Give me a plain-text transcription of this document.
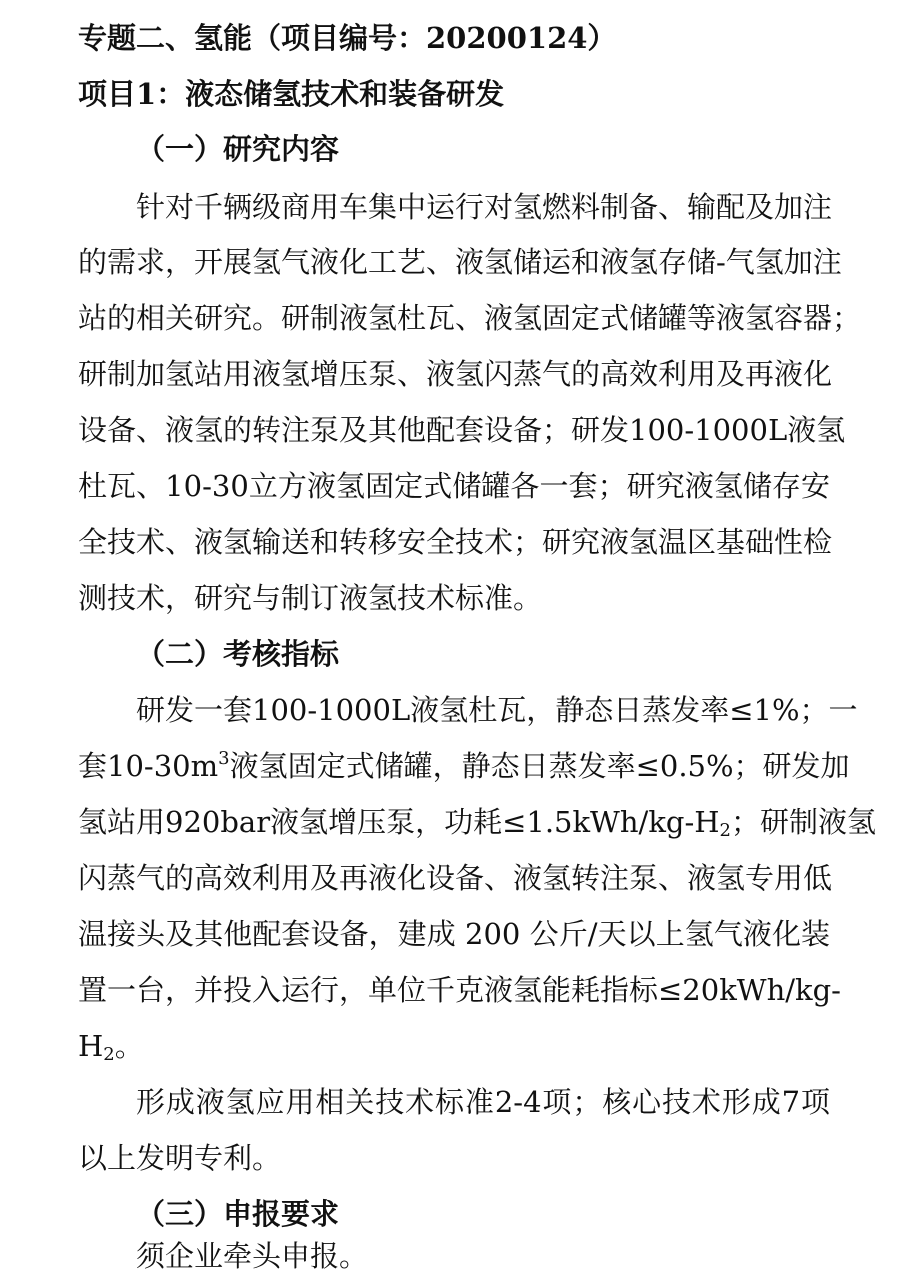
专题二、氢能（项目编号：20200124）
项目1：液态储氢技术和装备研发
（一）研究内容
针对千辆级商用车集中运行对氢燃料制备、输配及加注
的需求，开展氢气液化工艺、液氢储运和液氢存储-气氢加注
站的相关研究。研制液氢杜瓦、液氢固定式储罐等液氢容器；
研制加氢站用液氢增压泵、液氢闪蒸气的高效利用及再液化
设备、液氢的转注泵及其他配套设备；研发100-1000L液氢
杜瓦、10-30立方液氢固定式储罐各一套；研究液氢储存安
全技术、液氢输送和转移安全技术；研究液氢温区基础性检
测技术，研究与制订液氢技术标准。
（二）考核指标
研发一套100-1000L液氢杜瓦，静态日蒸发率≤1%；一
套$10-30m^3$液氢固定式储罐，静态日蒸发率≤0.5%；研发加
氢站用920bar液氢增压泵，功耗$\le 1.5kWh/kg-H_2$；研制液氢
闪蒸气的高效利用及再液化设备、液氢转注泵、液氢专用低
温接头及其他配套设备，建成 200 公斤/天以上氢气液化装
置一台，并投入运行，单位千克液氢能耗指标≤20kWh/kg-
$H_2$。
形成液氢应用相关技术标准2-4项；核心技术形成7项
以上发明专利。
（三）申报要求
须企业牵头申报。
